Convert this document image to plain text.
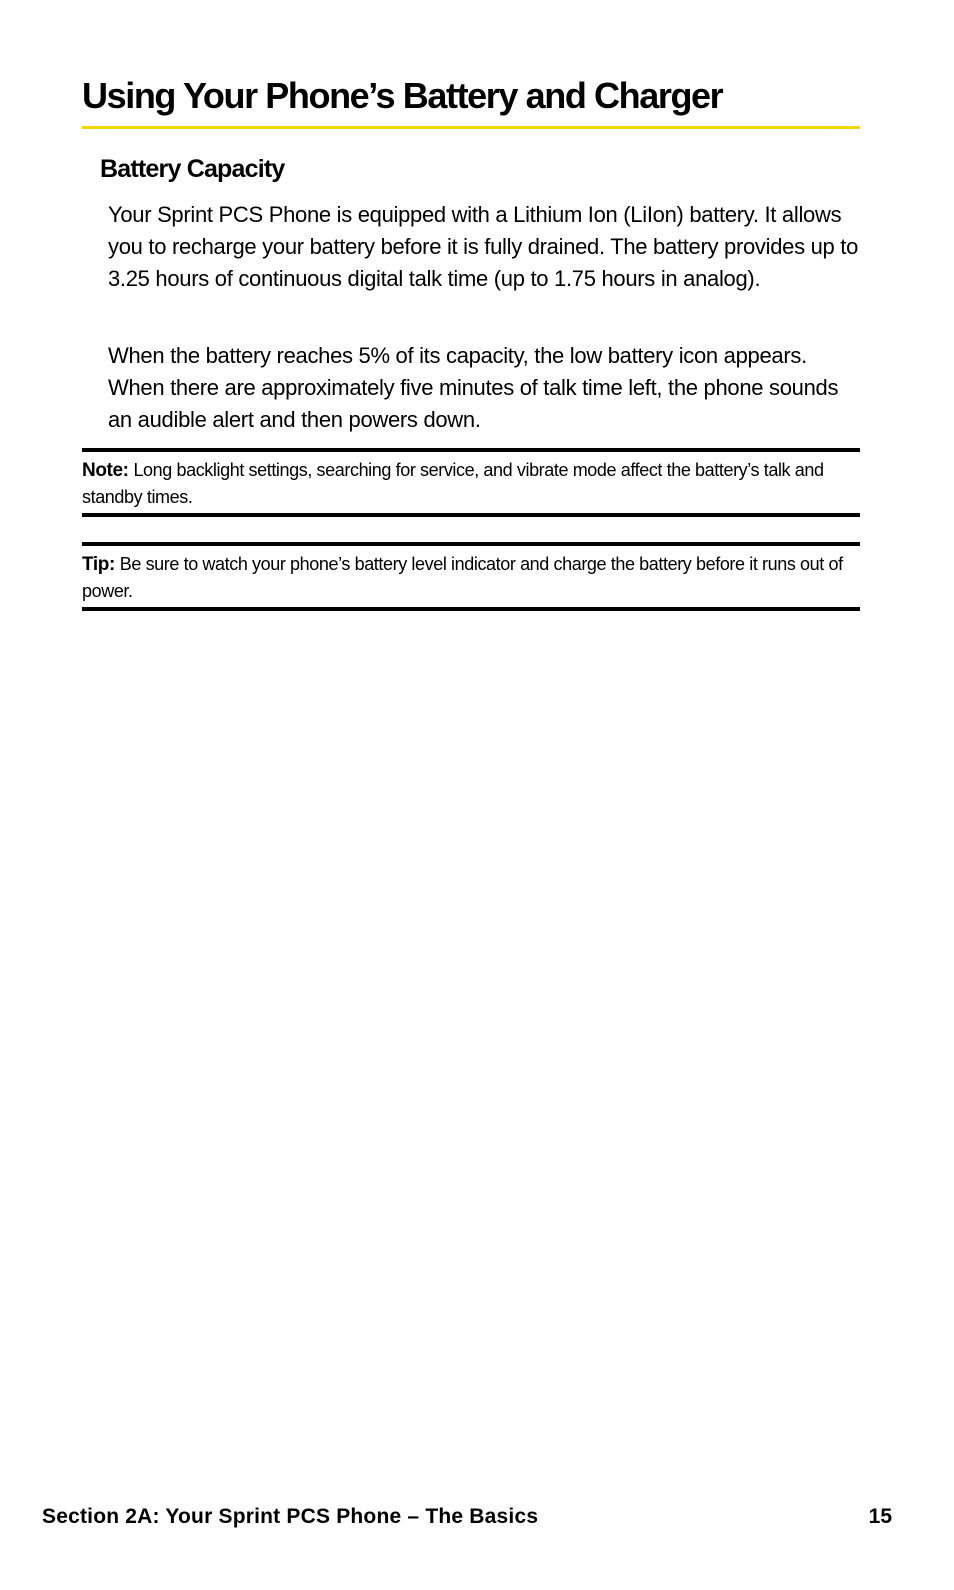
Using Your Phone’s Battery and Charger
Battery Capacity

Your Sprint PCS Phone is equipped with a Lithium Ion (LiIon) battery. It allows you to recharge your battery before it is fully drained. The battery provides up to 3.25 hours of continuous digital talk time (up to 1.75 hours in analog).

When the battery reaches 5% of its capacity, the low battery icon appears. When there are approximately five minutes of talk time left, the phone sounds an audible alert and then powers down.

Note: Long backlight settings, searching for service, and vibrate mode affect the battery’s talk and standby times.
Tip: Be sure to watch your phone’s battery level indicator and charge the battery before it runs out of power.
Section 2A: Your Sprint PCS Phone – The Basics	15
